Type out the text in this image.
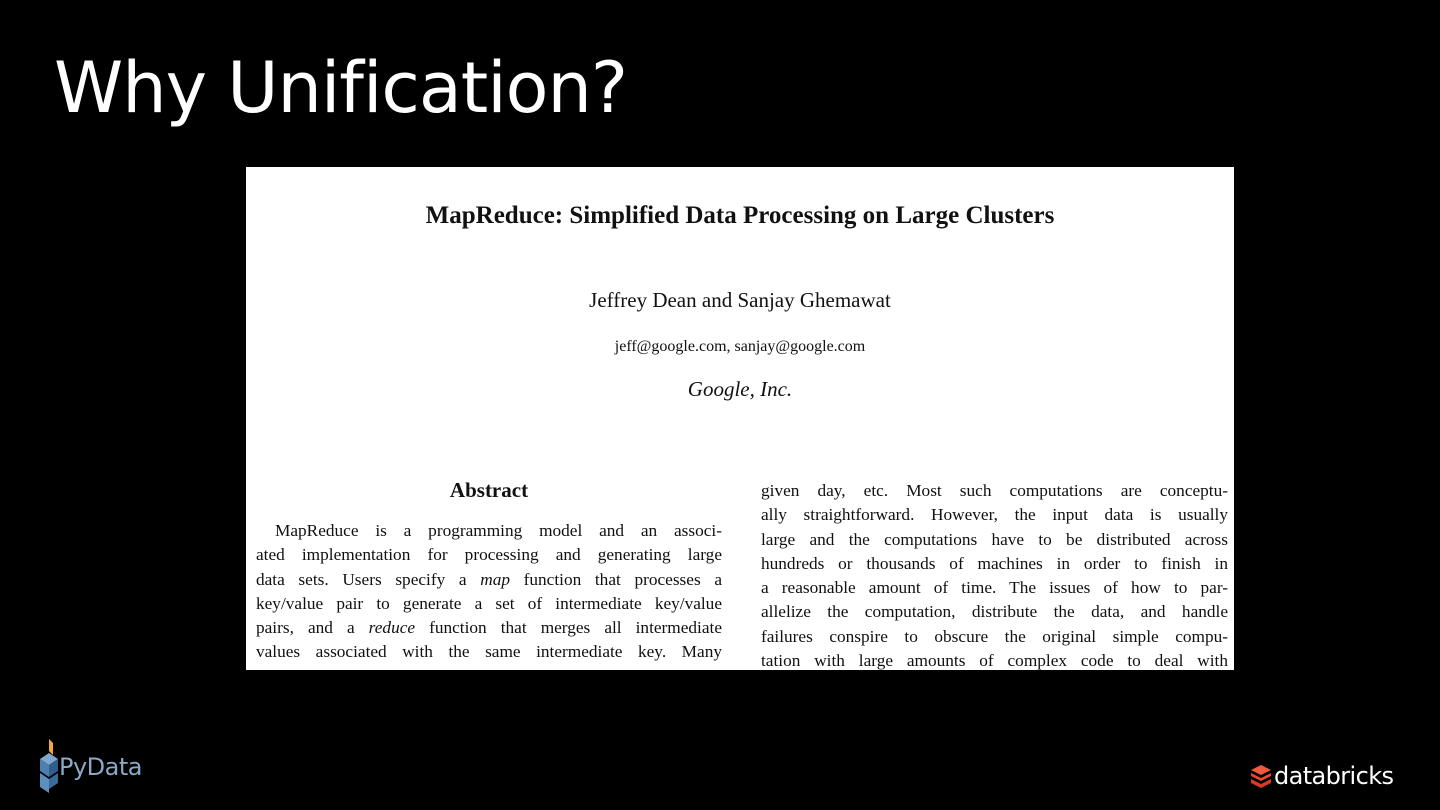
Why Unification?
MapReduce: Simplified Data Processing on Large Clusters
Jeffrey Dean and Sanjay Ghemawat
jeff@google.com, sanjay@google.com
Google, Inc.
Abstract
MapReduce is a programming model and an associ-
ated implementation for processing and generating large
data sets. Users specify a map function that processes a
key/value pair to generate a set of intermediate key/value
pairs, and a reduce function that merges all intermediate
values associated with the same intermediate key. Many
given day, etc. Most such computations are conceptu-
ally straightforward. However, the input data is usually
large and the computations have to be distributed across
hundreds or thousands of machines in order to finish in
a reasonable amount of time. The issues of how to par-
allelize the computation, distribute the data, and handle
failures conspire to obscure the original simple compu-
tation with large amounts of complex code to deal with
PyData	databricks
